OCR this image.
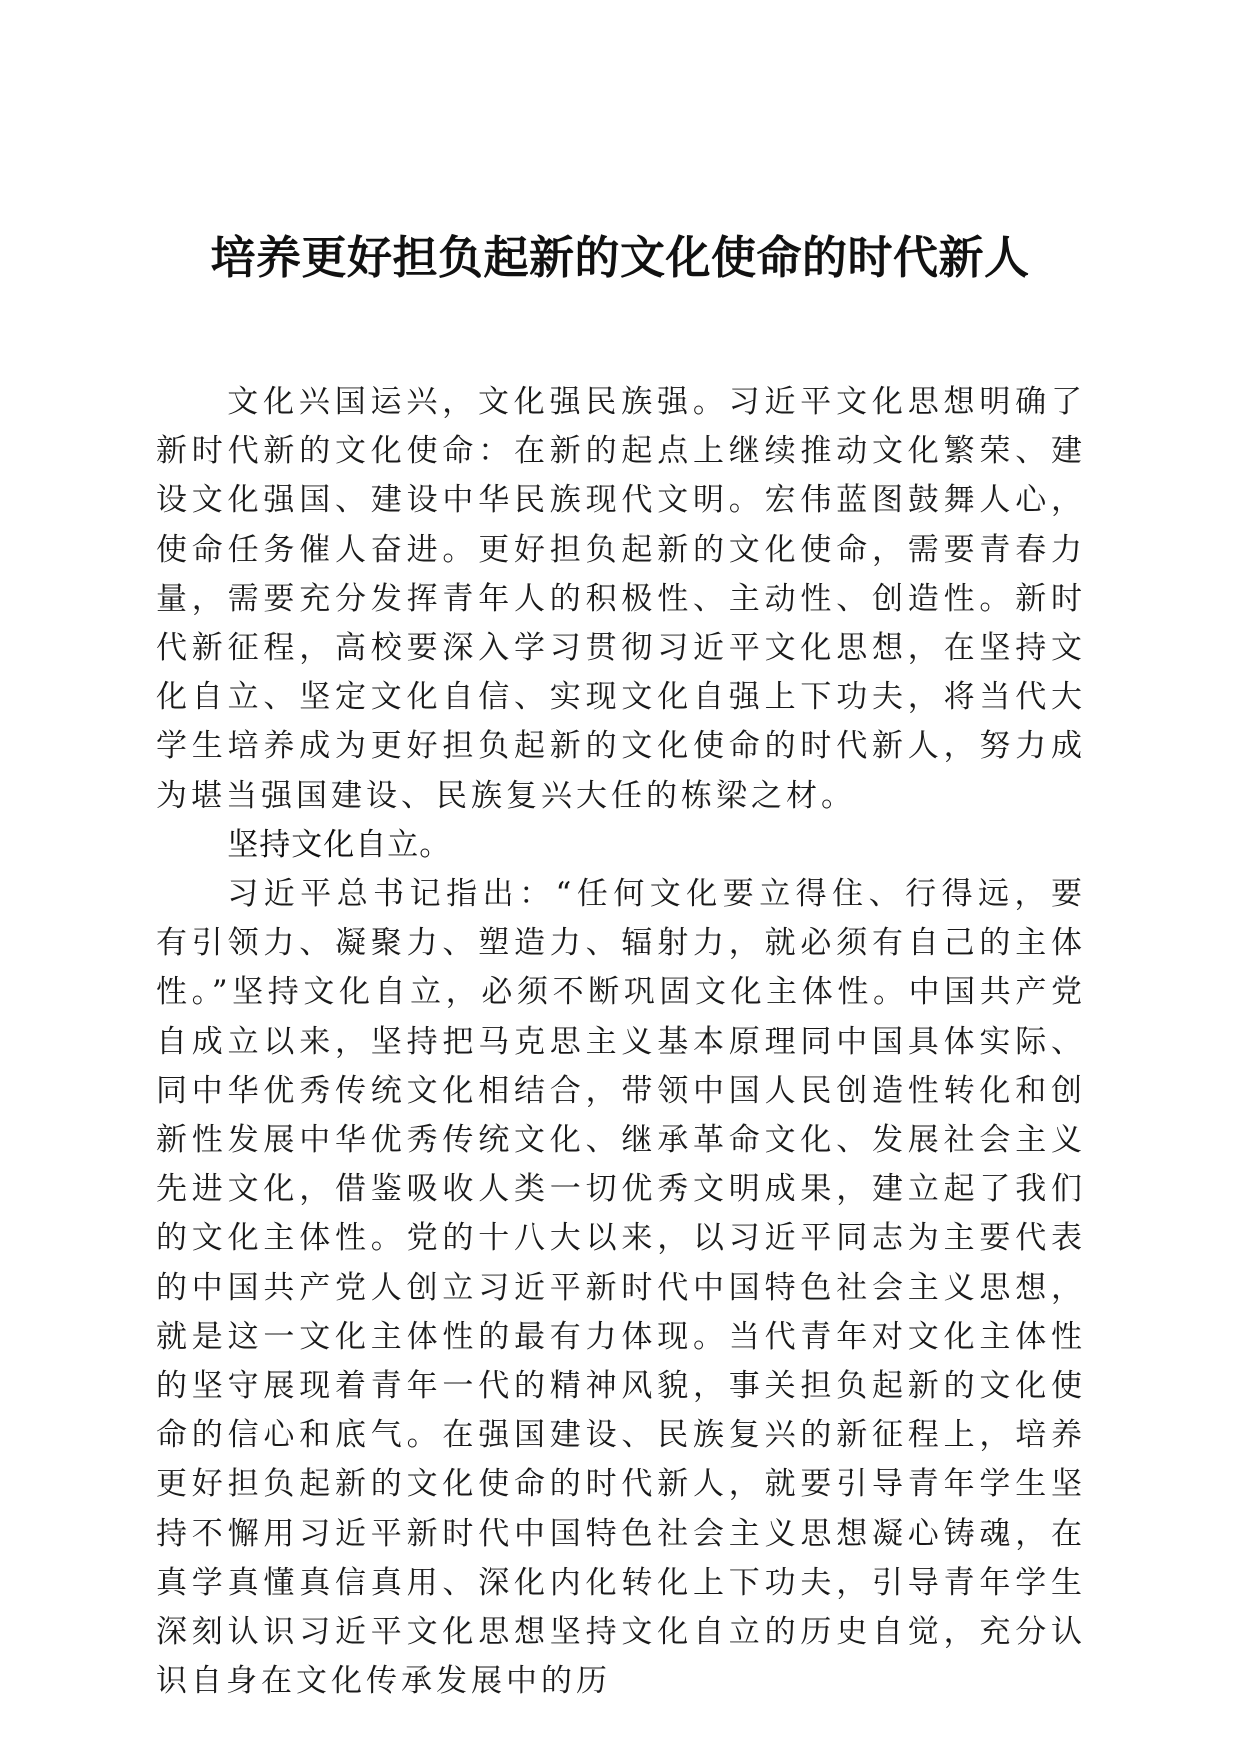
培养更好担负起新的文化使命的时代新人

文化兴国运兴，文化强民族强。习近平文化思想明确了新时代新的文化使命：在新的起点上继续推动文化繁荣、建设文化强国、建设中华民族现代文明。宏伟蓝图鼓舞人心，使命任务催人奋进。更好担负起新的文化使命，需要青春力量，需要充分发挥青年人的积极性、主动性、创造性。新时代新征程，高校要深入学习贯彻习近平文化思想，在坚持文化自立、坚定文化自信、实现文化自强上下功夫，将当代大学生培养成为更好担负起新的文化使命的时代新人，努力成为堪当强国建设、民族复兴大任的栋梁之材。

坚持文化自立。

习近平总书记指出：“任何文化要立得住、行得远，要有引领力、凝聚力、塑造力、辐射力，就必须有自己的主体性。”坚持文化自立，必须不断巩固文化主体性。中国共产党自成立以来，坚持把马克思主义基本原理同中国具体实际、同中华优秀传统文化相结合，带领中国人民创造性转化和创新性发展中华优秀传统文化、继承革命文化、发展社会主义先进文化，借鉴吸收人类一切优秀文明成果，建立起了我们的文化主体性。党的十八大以来，以习近平同志为主要代表的中国共产党人创立习近平新时代中国特色社会主义思想，就是这一文化主体性的最有力体现。当代青年对文化主体性的坚守展现着青年一代的精神风貌，事关担负起新的文化使命的信心和底气。在强国建设、民族复兴的新征程上，培养更好担负起新的文化使命的时代新人，就要引导青年学生坚持不懈用习近平新时代中国特色社会主义思想凝心铸魂，在真学真懂真信真用、深化内化转化上下功夫，引导青年学生深刻认识习近平文化思想坚持文化自立的历史自觉，充分认识自身在文化传承发展中的历
